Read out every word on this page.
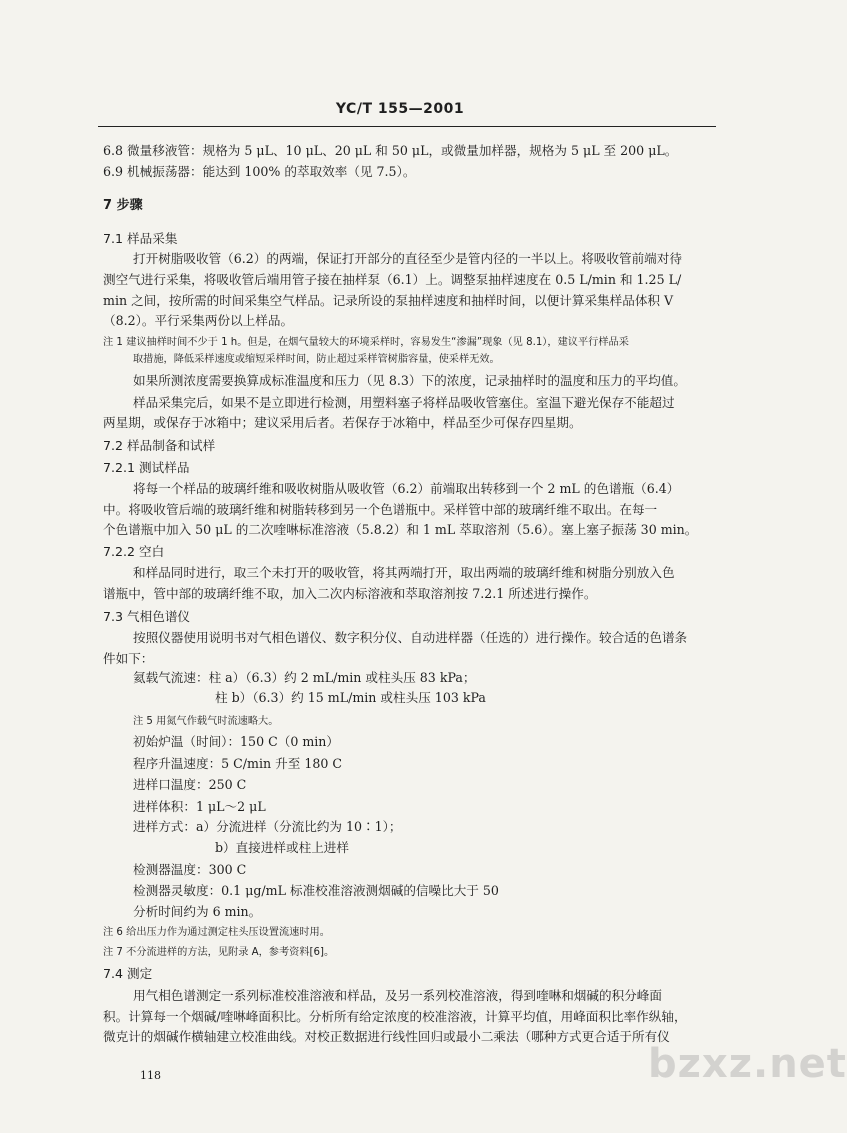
YC/T 155—2001
6.8 微量移液管：规格为 5 μL、10 μL、20 μL 和 50 μL，或微量加样器，规格为 5 μL 至 200 μL。
6.9 机械振荡器：能达到 100% 的萃取效率（见 7.5）。
7 步骤
7.1 样品采集
打开树脂吸收管（6.2）的两端，保证打开部分的直径至少是管内径的一半以上。将吸收管前端对待
测空气进行采集，将吸收管后端用管子接在抽样泵（6.1）上。调整泵抽样速度在 0.5 L/min 和 1.25 L/
min 之间，按所需的时间采集空气样品。记录所设的泵抽样速度和抽样时间，以便计算采集样品体积 V
（8.2）。平行采集两份以上样品。
注 1 建议抽样时间不少于 1 h。但是，在烟气量较大的环境采样时，容易发生“渗漏”现象（见 8.1），建议平行样品采
取措施，降低采样速度或缩短采样时间，防止超过采样管树脂容量，使采样无效。
如果所测浓度需要换算成标准温度和压力（见 8.3）下的浓度，记录抽样时的温度和压力的平均值。
样品采集完后，如果不是立即进行检测，用塑料塞子将样品吸收管塞住。室温下避光保存不能超过
两星期，或保存于冰箱中；建议采用后者。若保存于冰箱中，样品至少可保存四星期。
7.2 样品制备和试样
7.2.1 测试样品
将每一个样品的玻璃纤维和吸收树脂从吸收管（6.2）前端取出转移到一个 2 mL 的色谱瓶（6.4）
中。将吸收管后端的玻璃纤维和树脂转移到另一个色谱瓶中。采样管中部的玻璃纤维不取出。在每一
个色谱瓶中加入 50 μL 的二次喹啉标准溶液（5.8.2）和 1 mL 萃取溶剂（5.6）。塞上塞子振荡 30 min。
7.2.2 空白
和样品同时进行，取三个未打开的吸收管，将其两端打开，取出两端的玻璃纤维和树脂分别放入色
谱瓶中，管中部的玻璃纤维不取，加入二次内标溶液和萃取溶剂按 7.2.1 所述进行操作。
7.3 气相色谱仪
按照仪器使用说明书对气相色谱仪、数字积分仪、自动进样器（任选的）进行操作。较合适的色谱条
件如下：
氦载气流速：柱 a）（6.3）约 2 mL/min 或柱头压 83 kPa；
柱 b）（6.3）约 15 mL/min 或柱头压 103 kPa
注 5 用氮气作载气时流速略大。
初始炉温（时间）：150 C（0 min）
程序升温速度：5 C/min 升至 180 C
进样口温度：250 C
进样体积：1 μL～2 μL
进样方式：a）分流进样（分流比约为 10∶1）；
b）直接进样或柱上进样
检测器温度：300 C
检测器灵敏度：0.1 μg/mL 标准校准溶液测烟碱的信噪比大于 50
分析时间约为 6 min。
注 6 给出压力作为通过测定柱头压设置流速时用。
注 7 不分流进样的方法，见附录 A，参考资料[6]。
7.4 测定
用气相色谱测定一系列标准校准溶液和样品，及另一系列校准溶液，得到喹啉和烟碱的积分峰面
积。计算每一个烟碱/喹啉峰面积比。分析所有给定浓度的校准溶液，计算平均值，用峰面积比率作纵轴，
微克计的烟碱作横轴建立校准曲线。对校正数据进行线性回归或最小二乘法（哪种方式更合适于所有仪
bzxz.net
118
